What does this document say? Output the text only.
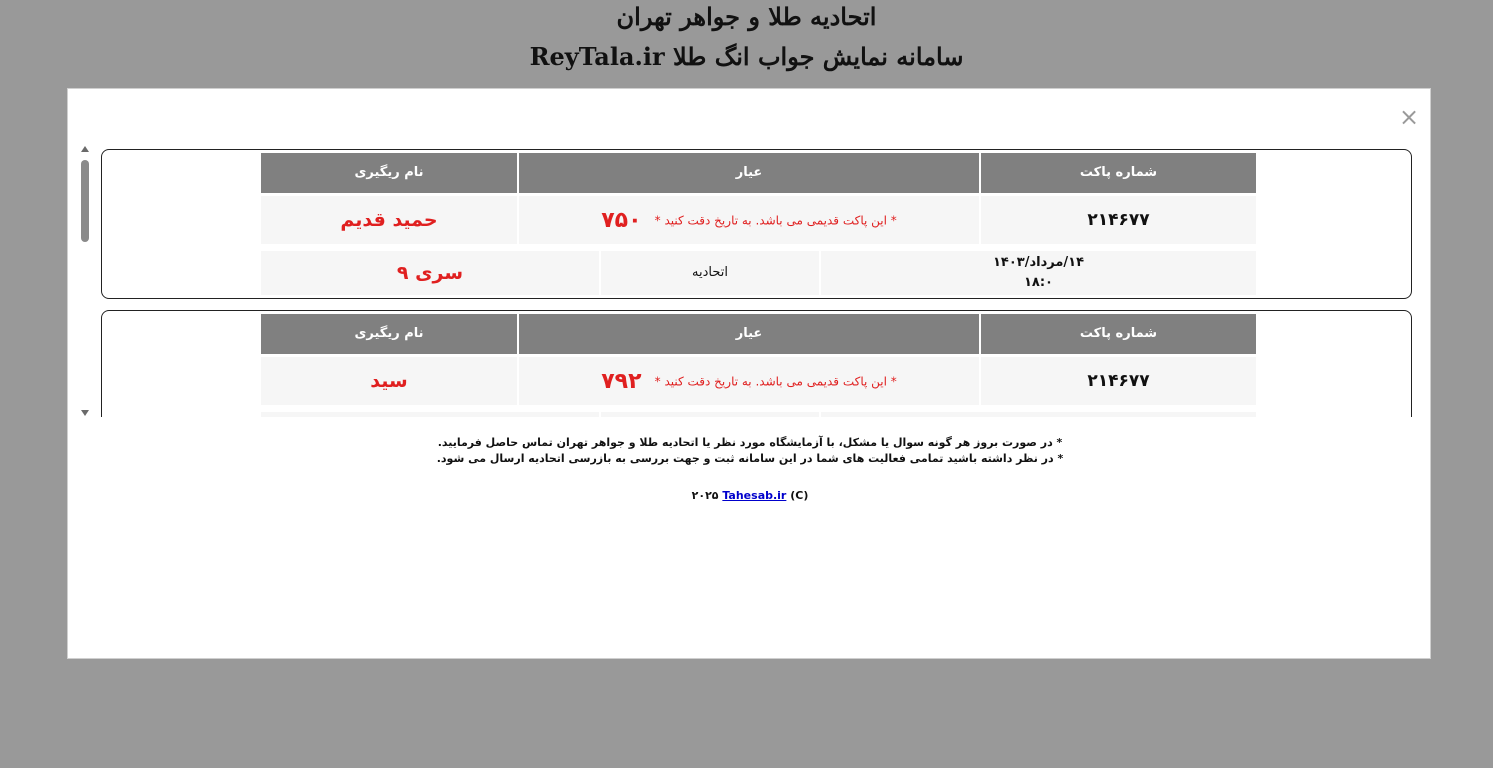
اتحادیه طلا و جواهر تهران
سامانه نمایش جواب انگ طلا ReyTala.ir
×
شماره پاکت
عیار
نام ریگیری
۲۱۴۶۷۷
* این پاکت قدیمی می باشد. به تاریخ دقت کنید * ۷۵۰
حمید قدیم
۱۴/مرداد/۱۴۰۳
۱۸:۰
اتحادیه
سری ۹
شماره پاکت
عیار
نام ریگیری
۲۱۴۶۷۷
* این پاکت قدیمی می باشد. به تاریخ دقت کنید * ۷۹۲
سید
* در صورت بروز هر گونه سوال یا مشکل، با آزمایشگاه مورد نظر یا اتحادیه طلا و جواهر تهران تماس حاصل فرمایید.
* در نظر داشته باشید تمامی فعالیت های شما در این سامانه ثبت و جهت بررسی به بازرسی اتحادیه ارسال می شود.
(C) ۲۰۲۵ Tahesab.ir
